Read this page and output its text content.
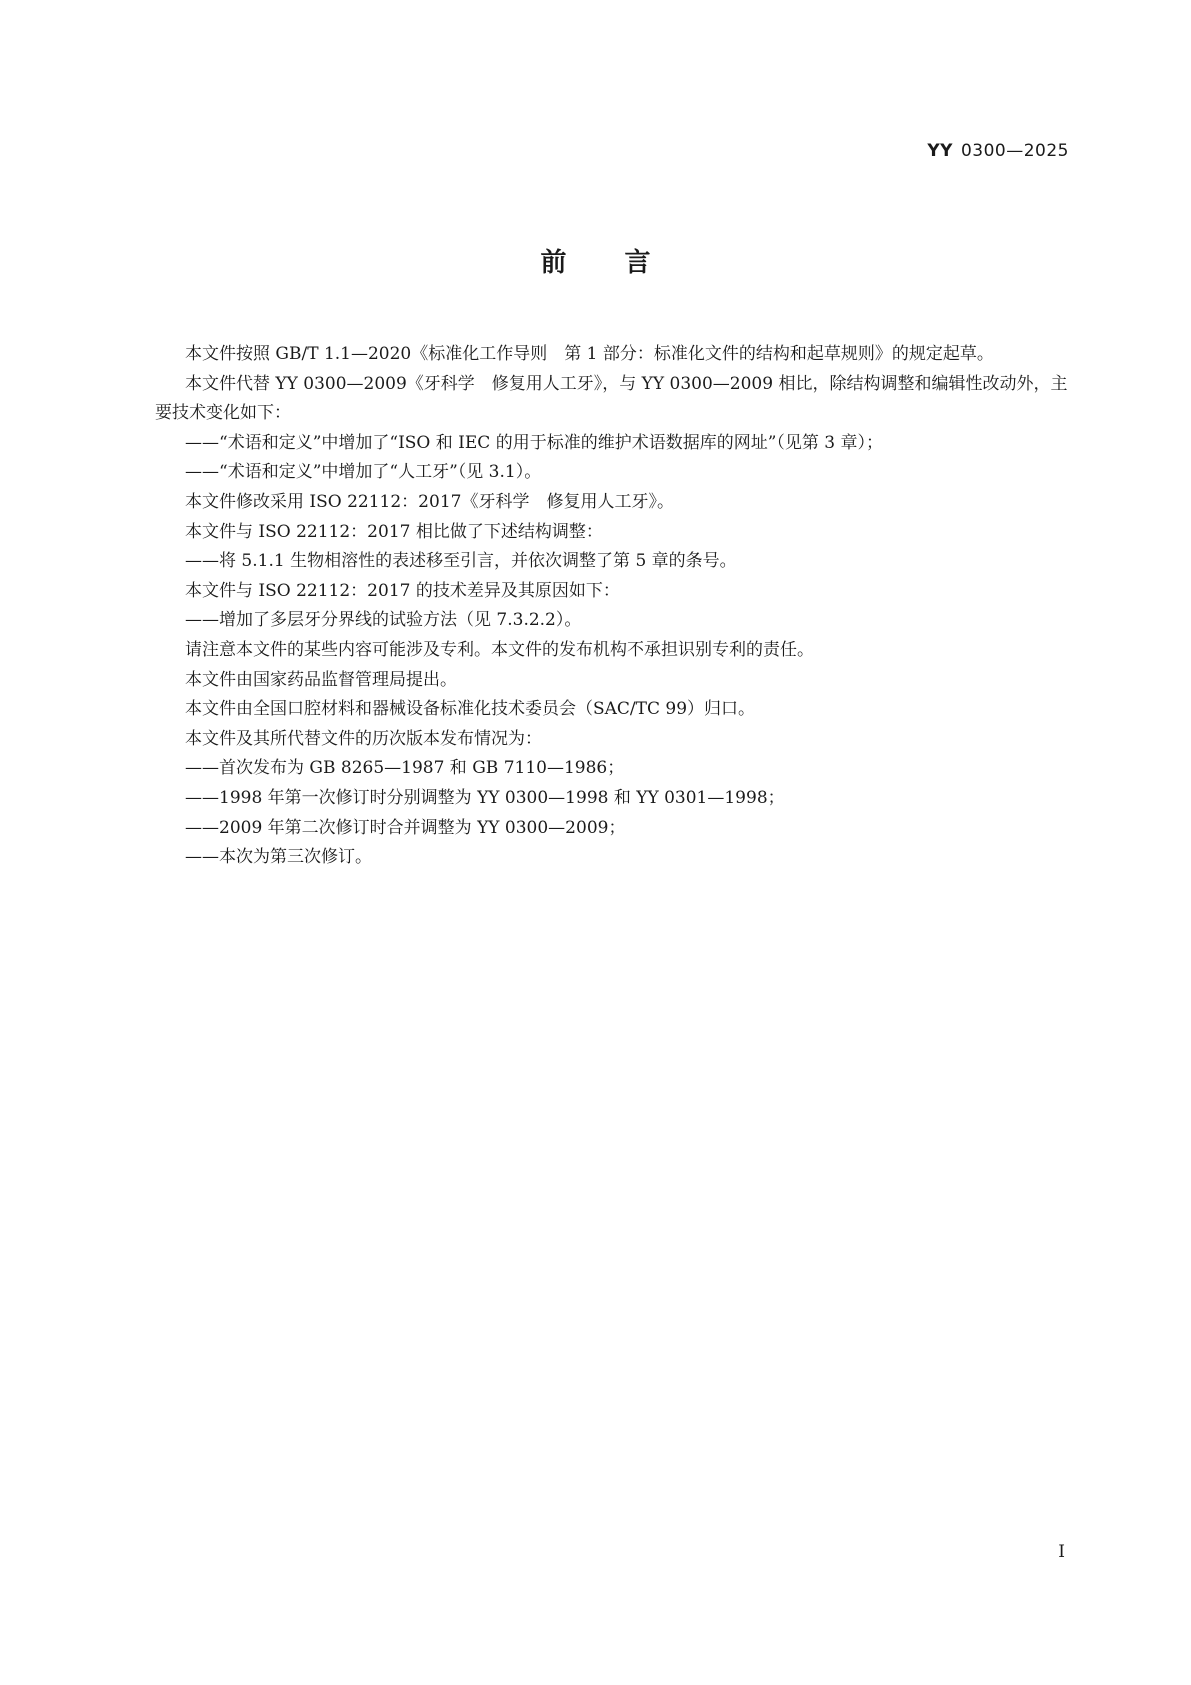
YY 0300—2025
前言

本文件按照 GB/T 1.1—2020《标准化工作导则　第 1 部分：标准化文件的结构和起草规则》的规定起草。

本文件代替 YY 0300—2009《牙科学　修复用人工牙》，与 YY 0300—2009 相比，除结构调整和编辑性改动外，主要技术变化如下：

——“术语和定义”中增加了“ISO 和 IEC 的用于标准的维护术语数据库的网址”（见第 3 章）；

——“术语和定义”中增加了“人工牙”（见 3.1）。

本文件修改采用 ISO 22112：2017《牙科学　修复用人工牙》。

本文件与 ISO 22112：2017 相比做了下述结构调整：

——将 5.1.1 生物相溶性的表述移至引言，并依次调整了第 5 章的条号。

本文件与 ISO 22112：2017 的技术差异及其原因如下：

——增加了多层牙分界线的试验方法（见 7.3.2.2）。

请注意本文件的某些内容可能涉及专利。本文件的发布机构不承担识别专利的责任。

本文件由国家药品监督管理局提出。

本文件由全国口腔材料和器械设备标准化技术委员会（SAC/TC 99）归口。

本文件及其所代替文件的历次版本发布情况为：

——首次发布为 GB 8265—1987 和 GB 7110—1986；

——1998 年第一次修订时分别调整为 YY 0300—1998 和 YY 0301—1998；

——2009 年第二次修订时合并调整为 YY 0300—2009；

——本次为第三次修订。

I
